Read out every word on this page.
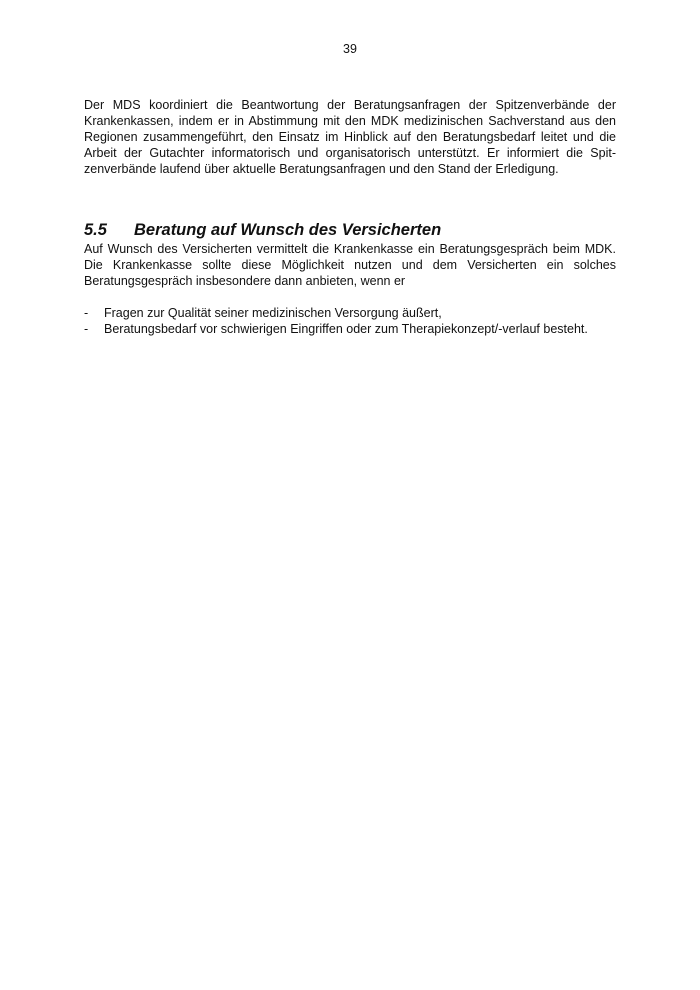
39

Der MDS koordiniert die Beantwortung der Beratungsanfragen der Spitzenverbände der Krankenkassen, indem er in Abstimmung mit den MDK medizinischen Sachverstand aus den Regionen zusammengeführt, den Einsatz im Hinblick auf den Beratungsbedarf leitet und die Arbeit der Gutachter informatorisch und organisatorisch unterstützt. Er informiert die Spitzenverbände laufend über aktuelle Beratungsanfragen und den Stand der Erledigung.

5.5	Beratung auf Wunsch des Versicherten

Auf Wunsch des Versicherten vermittelt die Krankenkasse ein Beratungsgespräch beim MDK. Die Krankenkasse sollte diese Möglichkeit nutzen und dem Versicherten ein solches Beratungsgespräch insbesondere dann anbieten, wenn er

-	Fragen zur Qualität seiner medizinischen Versorgung äußert,
-	Beratungsbedarf vor schwierigen Eingriffen oder zum Therapiekonzept/-verlauf besteht.
